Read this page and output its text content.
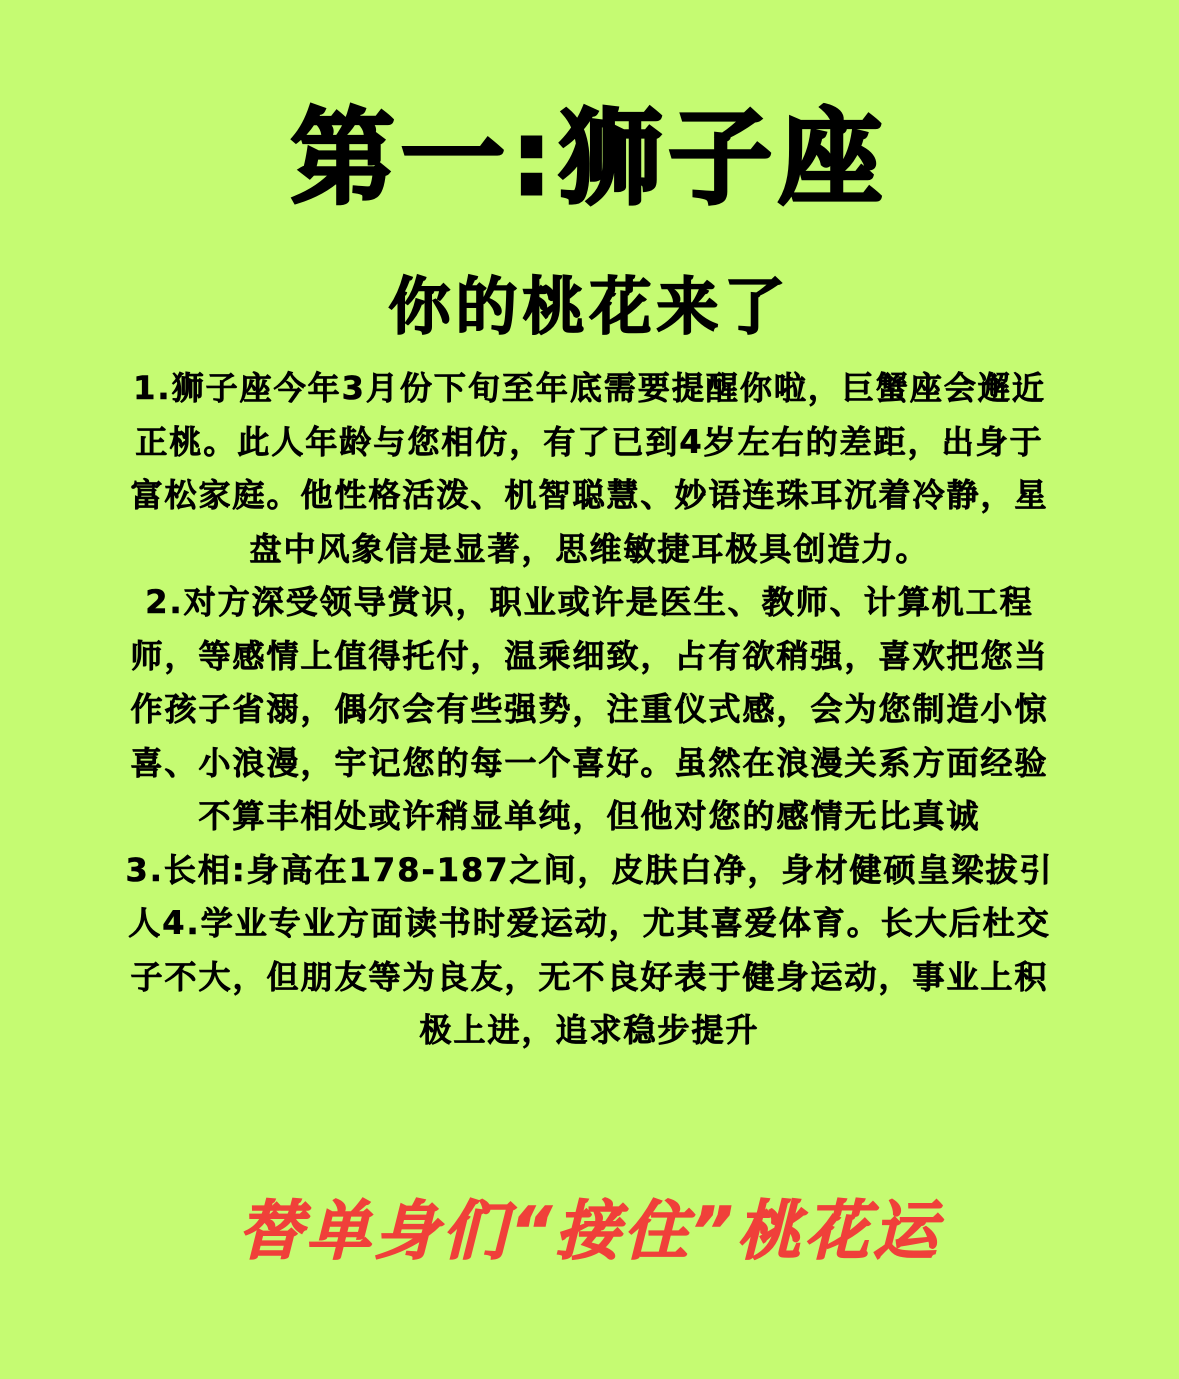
第一:狮子座
你的桃花来了

1.狮子座今年3月份下旬至年底需要提醒你啦，巨蟹座会邂近正桃。此人年龄与您相仿，有了已到4岁左右的差距，出身于富松家庭。他性格活泼、机智聪慧、妙语连珠耳沉着冷静，星盘中风象信是显著，思维敏捷耳极具创造力。

2.对方深受领导赏识，职业或许是医生、教师、计算机工程师，等感情上值得托付，温乘细致，占有欲稍强，喜欢把您当作孩子省溺，偶尔会有些强势，注重仪式感，会为您制造小惊喜、小浪漫，宇记您的每一个喜好。虽然在浪漫关系方面经验不算丰相处或许稍显单纯，但他对您的感情无比真诚

3.长相:身高在178-187之间，皮肤白净，身材健硕皇梁拔引人4.学业专业方面读书时爱运动，尤其喜爱体育。长大后杜交子不大，但朋友等为良友，无不良好表于健身运动，事业上积极上进，追求稳步提升

替单身们“接住”桃花运
